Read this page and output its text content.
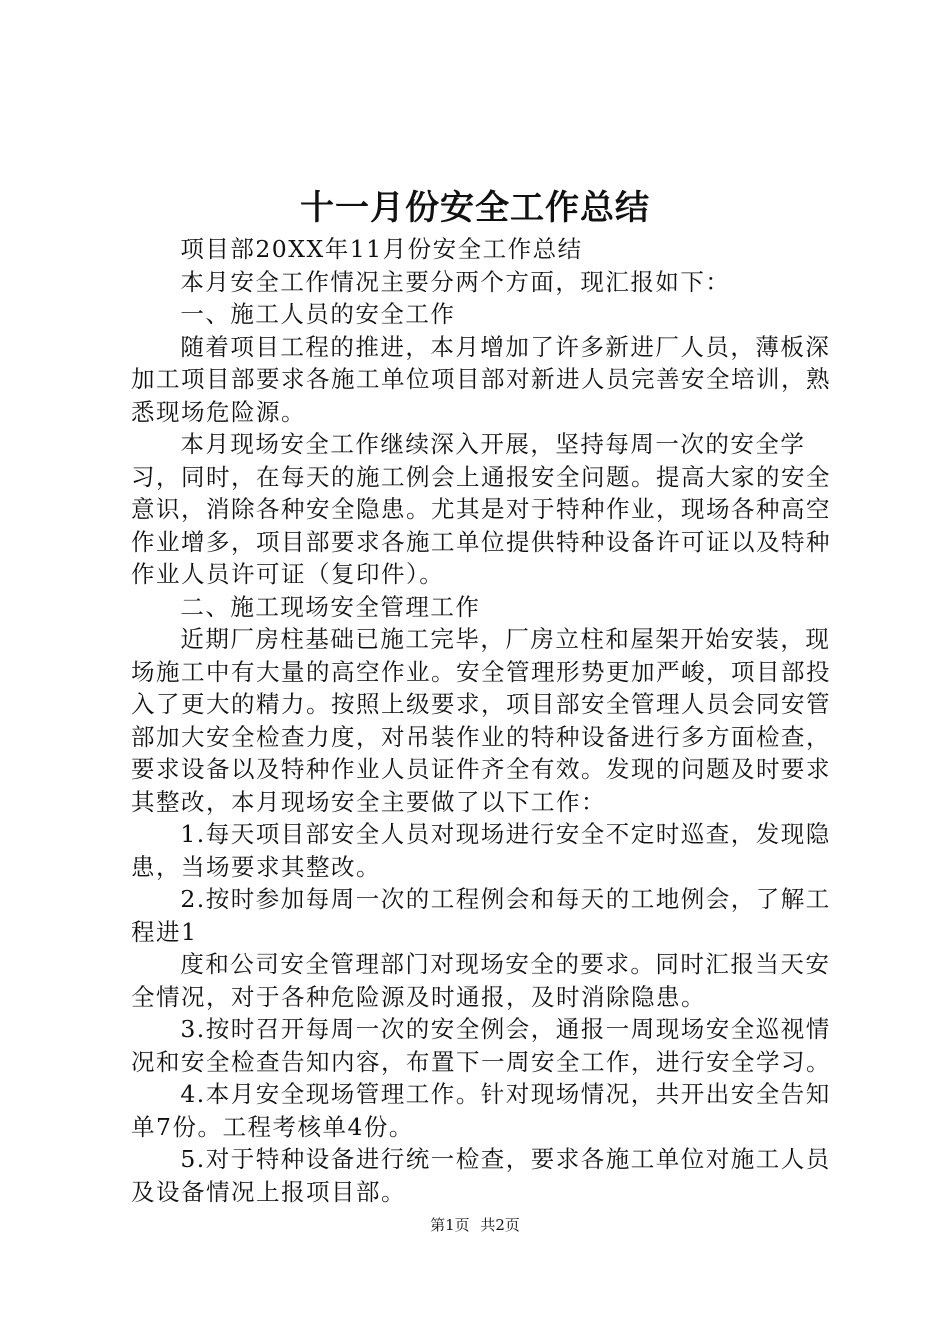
十一月份安全工作总结

项目部20XX年11月份安全工作总结

本月安全工作情况主要分两个方面，现汇报如下：

一、施工人员的安全工作

随着项目工程的推进，本月增加了许多新进厂人员，薄板深加工项目部要求各施工单位项目部对新进人员完善安全培训，熟悉现场危险源。

本月现场安全工作继续深入开展，坚持每周一次的安全学习，同时，在每天的施工例会上通报安全问题。提高大家的安全意识，消除各种安全隐患。尤其是对于特种作业，现场各种高空作业增多，项目部要求各施工单位提供特种设备许可证以及特种作业人员许可证（复印件）。

二、施工现场安全管理工作

近期厂房柱基础已施工完毕，厂房立柱和屋架开始安装，现场施工中有大量的高空作业。安全管理形势更加严峻，项目部投入了更大的精力。按照上级要求，项目部安全管理人员会同安管部加大安全检查力度，对吊装作业的特种设备进行多方面检查，要求设备以及特种作业人员证件齐全有效。发现的问题及时要求其整改，本月现场安全主要做了以下工作：

1.每天项目部安全人员对现场进行安全不定时巡查，发现隐患，当场要求其整改。

2.按时参加每周一次的工程例会和每天的工地例会，了解工程进1

度和公司安全管理部门对现场安全的要求。同时汇报当天安全情况，对于各种危险源及时通报，及时消除隐患。

3.按时召开每周一次的安全例会，通报一周现场安全巡视情况和安全检查告知内容，布置下一周安全工作，进行安全学习。

4.本月安全现场管理工作。针对现场情况，共开出安全告知单7份。工程考核单4份。

5.对于特种设备进行统一检查，要求各施工单位对施工人员及设备情况上报项目部。

第1页 共2页
